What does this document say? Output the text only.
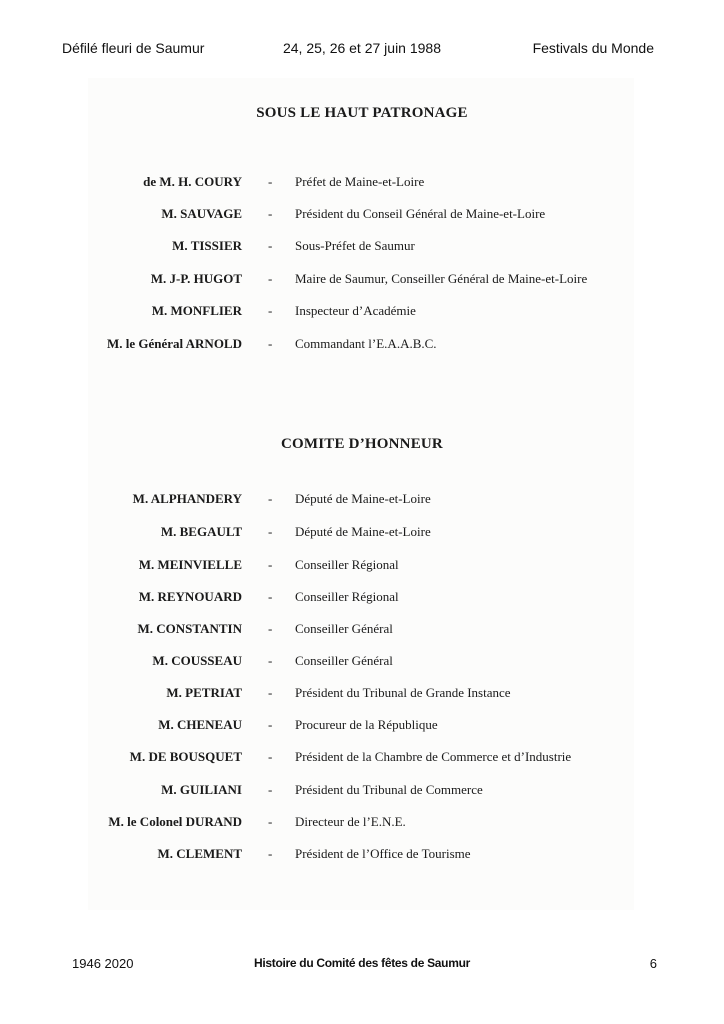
Défilé fleuri de Saumur	24, 25, 26 et 27 juin 1988	Festivals du Monde
SOUS LE HAUT PATRONAGE
de M. H. COURY - Préfet de Maine-et-Loire
M. SAUVAGE - Président du Conseil Général de Maine-et-Loire
M. TISSIER - Sous-Préfet de Saumur
M. J-P. HUGOT - Maire de Saumur, Conseiller Général de Maine-et-Loire
M. MONFLIER - Inspecteur d’Académie
M. le Général ARNOLD - Commandant l’E.A.A.B.C.
COMITE D’HONNEUR
M. ALPHANDERY - Député de Maine-et-Loire
M. BEGAULT - Député de Maine-et-Loire
M. MEINVIELLE - Conseiller Régional
M. REYNOUARD - Conseiller Régional
M. CONSTANTIN - Conseiller Général
M. COUSSEAU - Conseiller Général
M. PETRIAT - Président du Tribunal de Grande Instance
M. CHENEAU - Procureur de la République
M. DE BOUSQUET - Président de la Chambre de Commerce et d’Industrie
M. GUILIANI - Président du Tribunal de Commerce
M. le Colonel DURAND - Directeur de l’E.N.E.
M. CLEMENT - Président de l’Office de Tourisme
1946 2020	Histoire du Comité des fêtes de Saumur	6
